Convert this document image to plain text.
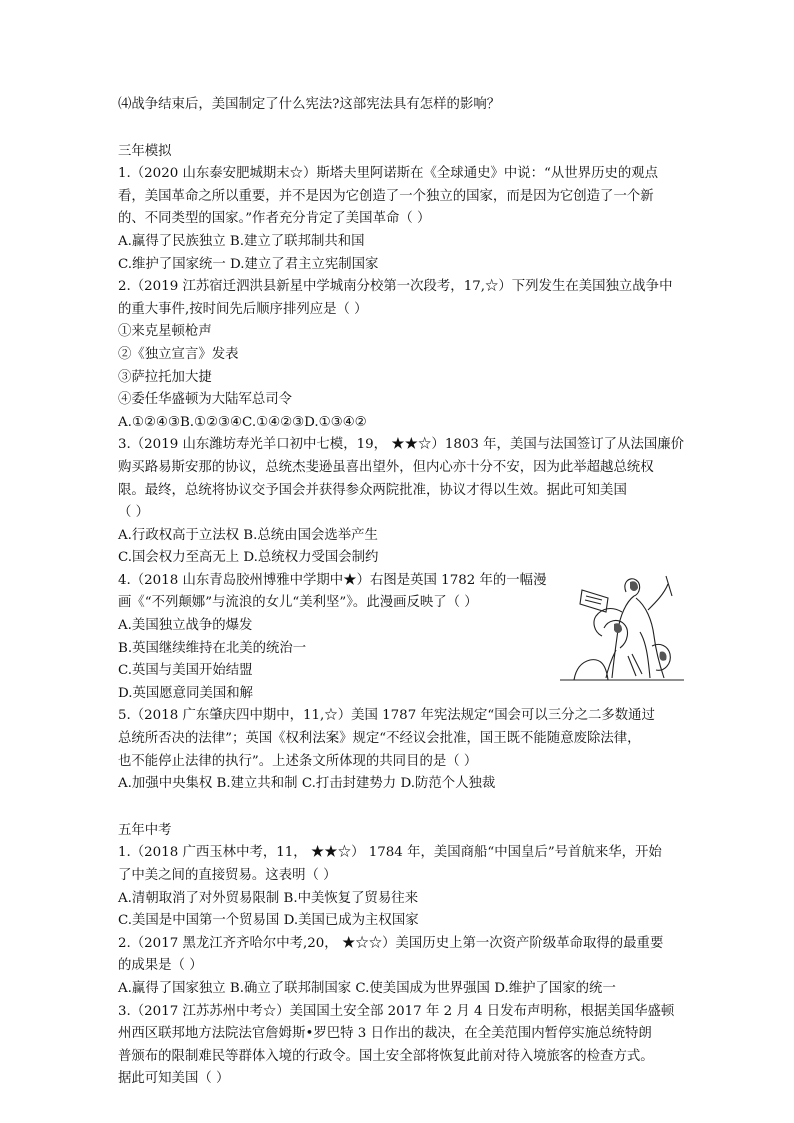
⑷战争结束后，美国制定了什么宪法?这部宪法具有怎样的影响？
三年模拟
1.（2020 山东泰安肥城期末☆）斯塔夫里阿诺斯在《全球通史》中说：“从世界历史的观点
看，美国革命之所以重要，并不是因为它创造了一个独立的国家，而是因为它创造了一个新
的、不同类型的国家。”作者充分肯定了美国革命（ ）
A.赢得了民族独立 B.建立了联邦制共和国
C.维护了国家统一 D.建立了君主立宪制国家
2.（2019 江苏宿迁泗洪县新星中学城南分校第一次段考，17,☆）下列发生在美国独立战争中
的重大事件,按时间先后顺序排列应是（ ）
①来克星顿枪声
②《独立宣言》发表
③萨拉托加大捷
④委任华盛顿为大陆军总司令
A.①②④③B.①②③④C.①④②③D.①③④②
3.（2019 山东潍坊寿光羊口初中七模，19， ★★☆）1803 年，美国与法国签订了从法国廉价
购买路易斯安那的协议，总统杰斐逊虽喜出望外，但内心亦十分不安，因为此举超越总统权
限。最终，总统将协议交予国会并获得参众两院批准，协议才得以生效。据此可知美国
（ ）
A.行政权高于立法权 B.总统由国会选举产生
C.国会权力至高无上 D.总统权力受国会制约
4.（2018 山东青岛胶州博雅中学期中★）右图是英国 1782 年的一幅漫
画《“不列颠娜”与流浪的女儿“美利坚”》。此漫画反映了（ ）
A.美国独立战争的爆发
B.英国继续维持在北美的统治一
C.英国与美国开始结盟
D.英国愿意同美国和解
5.（2018 广东肇庆四中期中，11,☆）美国 1787 年宪法规定“国会可以三分之二多数通过
总统所否决的法律”；英国《权利法案》规定“不经议会批准，国王既不能随意废除法律，
也不能停止法律的执行”。上述条文所体现的共同目的是（ ）
A.加强中央集权 B.建立共和制 C.打击封建势力 D.防范个人独裁
五年中考
1.（2018 广西玉林中考，11， ★★☆） 1784 年，美国商船“中国皇后”号首航来华，开始
了中美之间的直接贸易。这表明（ ）
A.清朝取消了对外贸易限制 B.中美恢复了贸易往来
C.美国是中国第一个贸易国 D.美国已成为主权国家
2.（2017 黑龙江齐齐哈尔中考,20， ★☆☆）美国历史上第一次资产阶级革命取得的最重要
的成果是（ ）
A.赢得了国家独立 B.确立了联邦制国家 C.使美国成为世界强国 D.维护了国家的统一
3.（2017 江苏苏州中考☆）美国国土安全部 2017 年 2 月 4 日发布声明称，根据美国华盛顿
州西区联邦地方法院法官詹姆斯•罗巴特 3 日作出的裁决，在全美范围内暂停实施总统特朗
普颁布的限制难民等群体入境的行政令。国土安全部将恢复此前对待入境旅客的检查方式。
据此可知美国（ ）
